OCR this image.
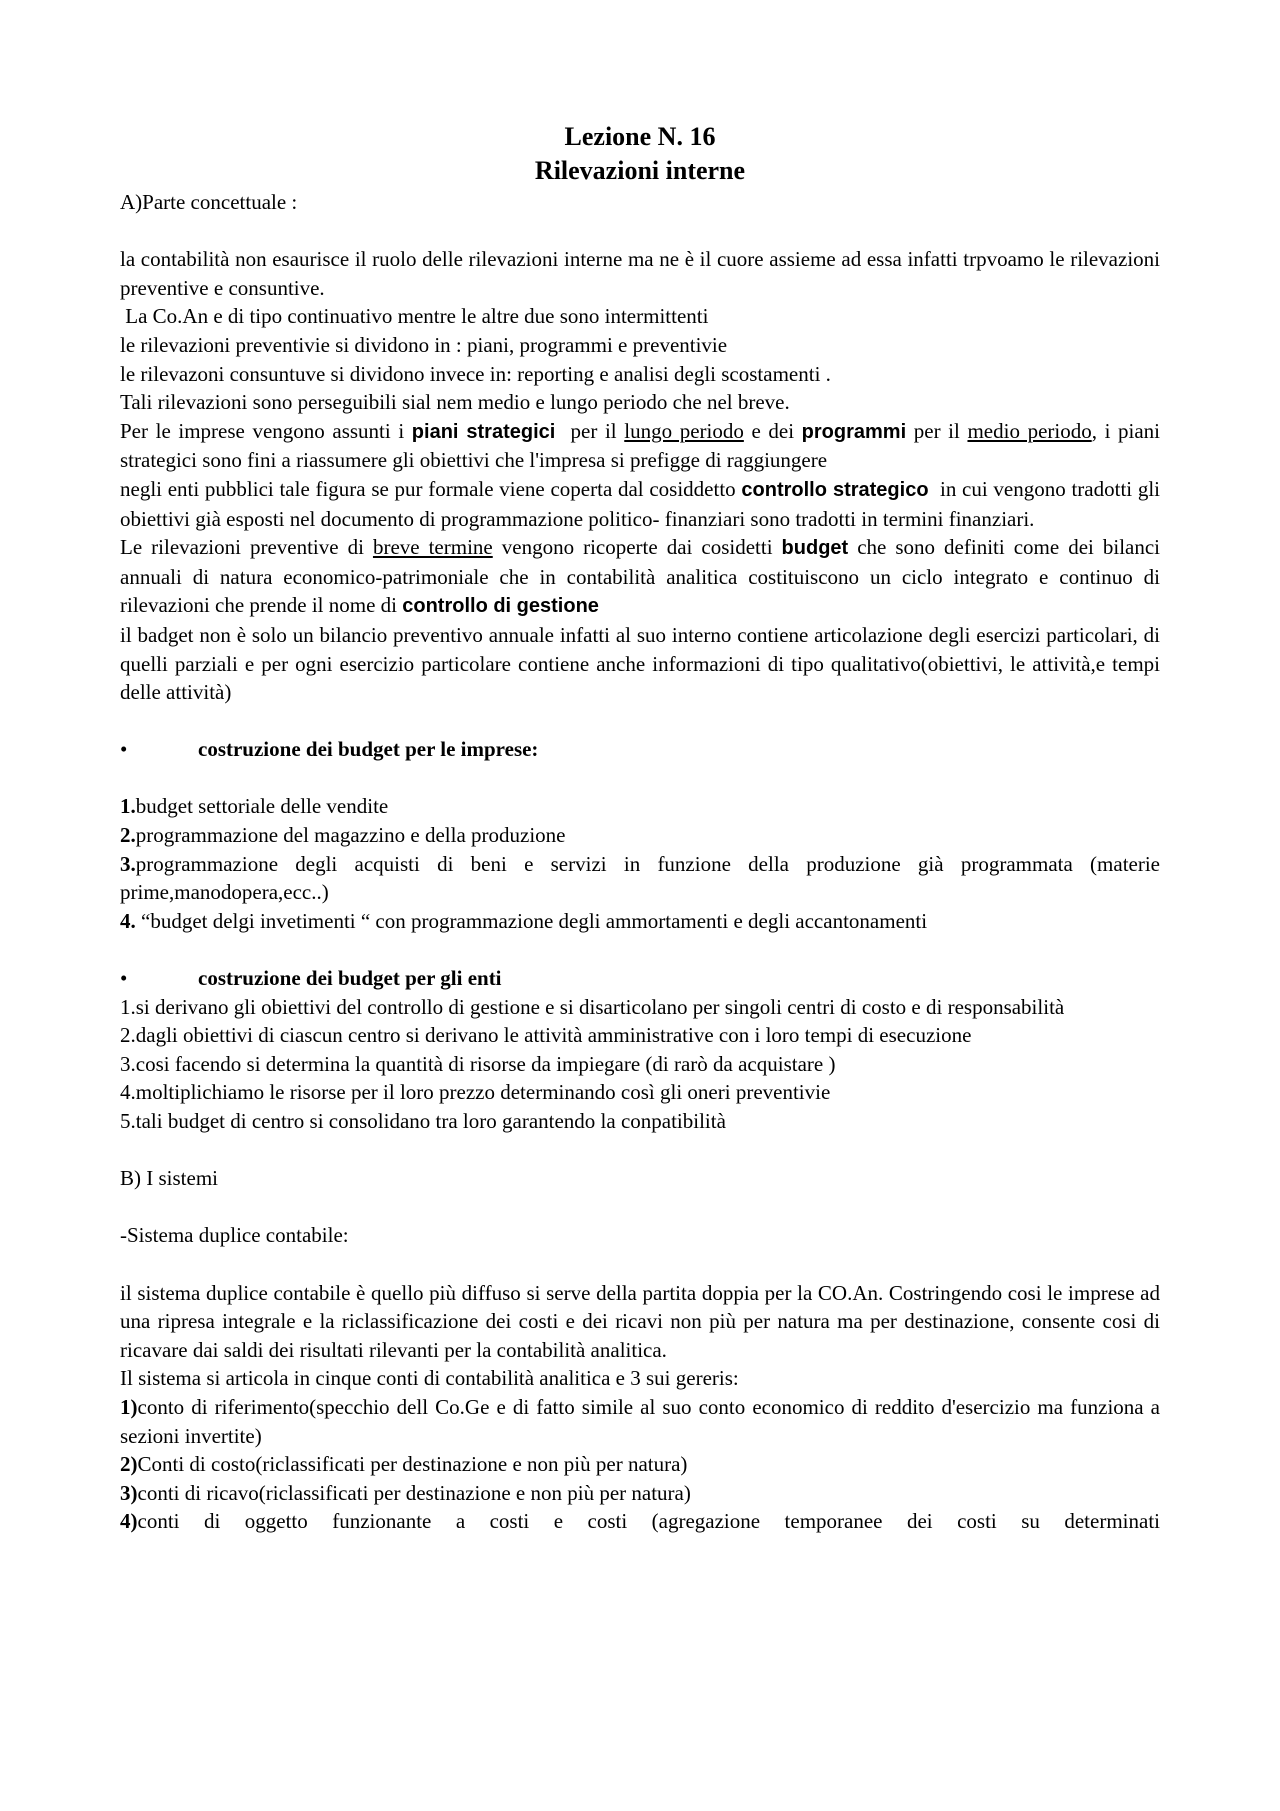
Lezione N. 16
Rilevazioni interne

A)Parte concettuale :

la contabilità non esaurisce il ruolo delle rilevazioni interne ma ne è il cuore assieme ad essa infatti trpvoamo le rilevazioni preventive e consuntive.

La Co.An e di tipo continuativo mentre le altre due sono intermittenti

le rilevazioni preventivie si dividono in : piani, programmi e preventivie

le rilevazoni consuntuve si dividono invece in: reporting e analisi degli scostamenti .

Tali rilevazioni sono perseguibili sial nem medio e lungo periodo che nel breve.

Per le imprese vengono assunti i piani strategici  per il lungo periodo e dei programmi per il medio periodo, i piani strategici sono fini a riassumere gli obiettivi che l'impresa si prefigge di raggiungere

negli enti pubblici tale figura se pur formale viene coperta dal cosiddetto controllo strategico  in cui vengono tradotti gli obiettivi già esposti nel documento di programmazione politico- finanziari sono tradotti in termini finanziari.

Le rilevazioni preventive di breve termine vengono ricoperte dai cosidetti budget che sono definiti come dei bilanci annuali di natura economico-patrimoniale che in contabilità analitica costituiscono un ciclo integrato e continuo di rilevazioni che prende il nome di controllo di gestione

il badget non è solo un bilancio preventivo annuale infatti al suo interno contiene articolazione degli esercizi particolari, di quelli parziali e per ogni esercizio particolare contiene anche informazioni di tipo qualitativo(obiettivi, le attività,e tempi delle attività)

•	costruzione dei budget per le imprese:

1.budget settoriale delle vendite

2.programmazione del magazzino e della produzione

3.programmazione degli acquisti di beni e servizi in funzione della produzione già programmata (materie prime,manodopera,ecc..)

4. “budget delgi invetimenti “ con programmazione degli ammortamenti e degli accantonamenti

•	costruzione dei budget per gli enti

1.si derivano gli obiettivi del controllo di gestione e si disarticolano per singoli centri di costo e di responsabilità

2.dagli obiettivi di ciascun centro si derivano le attività amministrative con i loro tempi di esecuzione

3.cosi facendo si determina la quantità di risorse da impiegare (di rarò da acquistare )

4.moltiplichiamo le risorse per il loro prezzo determinando così gli oneri preventivie

5.tali budget di centro si consolidano tra loro garantendo la conpatibilità

B) I sistemi

-Sistema duplice contabile:

il sistema duplice contabile è quello più diffuso si serve della partita doppia per la CO.An. Costringendo cosi le imprese ad una ripresa integrale e la riclassificazione dei costi e dei ricavi non più per natura ma per destinazione, consente cosi di ricavare dai saldi dei risultati rilevanti per la contabilità analitica.

Il sistema si articola in cinque conti di contabilità analitica e 3 sui gereris:

1)conto di riferimento(specchio dell Co.Ge e di fatto simile al suo conto economico di reddito d'esercizio ma funziona a sezioni invertite)

2)Conti di costo(riclassificati per destinazione e non più per natura)

3)conti di ricavo(riclassificati per destinazione e non più per natura)

4)conti di oggetto funzionante a costi e costi (agregazione temporanee dei costi su determinati
